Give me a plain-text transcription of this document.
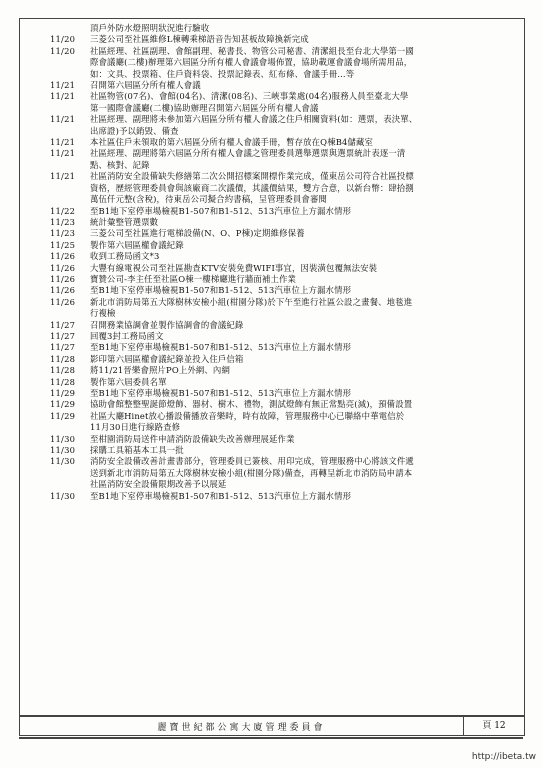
頂戶外防水燈照明狀況進行驗收
11/20	三菱公司至社區維修L棟轉乘梯語音告知甚板故障換新完成
11/20	社區經理、社區副理、會館副理、秘書長、物管公司秘書、清潔組長至台北大學第一國
際會議廳(二樓)辦理第六屆區分所有權人會議會場佈置，協助載運會議會場所需用品，
如：文具、投票箱、住戶資料袋、投票記錄表、紅布條、會議手冊…等
11/21	召開第六屆區分所有權人會議
11/21	社區物管(07名)、會館(04名)、清潔(08名)、三峽事業處(04名)服務人員至臺北大學
第一國際會議廳(二樓)協助辦理召開第六屆區分所有權人會議
11/21	社區經理、副理將未參加第六屆區分所有權人會議之住戶相關資料(如：選票，表決單、
出席證)予以銷毀、備查
11/21	本社區住戶未領取的第六屆區分所有權人會議手冊，暫存放在Q棟B4儲藏室
11/21	社區經理、副理將第六屆區分所有權人會議之管理委員選舉選票與選票統計表逐一清
點、核對、記錄
11/21	社區消防安全設備缺失修繕第二次公開招標案開標作業完成，僅東岳公司符合社區投標
資格，歷經管理委員會與該廠商二次議價，其議價結果，雙方合意，以新台幣：肆拾捌
萬伍仟元整(含稅)，待東岳公司擬合約書稿，呈管理委員會審閱
11/22	至B1地下室停車場檢視B1-507和B1-512、513汽車位上方漏水情形
11/23	統計彙整管選票數
11/23	三菱公司至社區進行電梯設備(N、O、P棟)定期維修保養
11/25	製作第六屆區權會議紀錄
11/26	收到工務局函文*3
11/26	大豐有線電視公司至社區勘查KTV安裝免費WIFI事宜，因裝潢包覆無法安裝
11/26	寶贊公司-李主任至社區O棟一樓梯廳進行牆面補土作業
11/26	至B1地下室停車場檢視B1-507和B1-512、513汽車位上方漏水情形
11/26	新北市消防局第五大隊樹林安檢小組(柑園分隊)於下午至進行社區公設之畫餐、地毯進
行複檢
11/27	召開務業協調會並製作協調會的會議紀錄
11/27	回覆3封工務局函文
11/27	至B1地下室停車場檢視B1-507和B1-512、513汽車位上方漏水情形
11/28	影印第六屆區權會議紀錄並投入住戶信箱
11/28	將11/21晉樂會照片PO上外網、內網
11/28	製作第六屆委員名單
11/29	至B1地下室停車場檢視B1-507和B1-512、513汽車位上方漏水情形
11/29	協助會館整整聖誕節燈飾、器材、樹木、禮物，測試燈飾有無正常點亮(減)，預備設置
11/29	社區大廳Hinet放心播設備播放音樂時，時有故障，管理服務中心已聯絡中華電信於
11月30日進行線路查修
11/30	至柑園消防局送件申請消防設備缺失改善辦理展延作業
11/30	採購工具箱基本工具一批
11/30	消防安全設備改善計畫書部分，管理委員已簽核、用印完成，管理服務中心將該文件遞
送到新北市消防局第五大隊樹林安檢小組(柑園分隊)備查，再轉呈新北市消防局申請本
社區消防安全設備限期改善予以展延
11/30	至B1地下室停車場檢視B1-507和B1-512、513汽車位上方漏水情形
麗寶世紀都公寓大廈管理委員會	頁 12
http://ibeta.tw
